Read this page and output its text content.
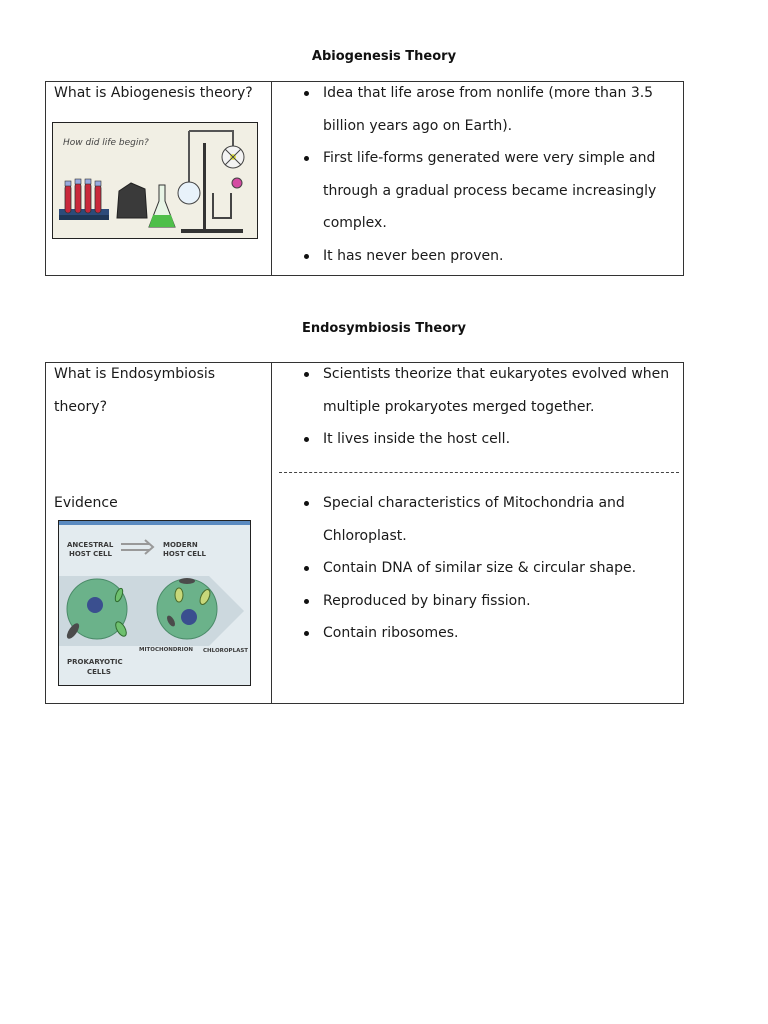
Abiogenesis Theory
What is Abiogenesis theory?
How did life begin?
Idea that life arose from nonlife (more than 3.5 billion years ago on Earth).
First life-forms generated were very simple and through a gradual process became increasingly complex.
It has never been proven.
Endosymbiosis Theory
What is Endosymbiosis theory?
Evidence
ANCESTRAL
HOST CELL
MODERN
HOST CELL
PROKARYOTIC
CELLS
MITOCHONDRION CHLOROPLAST
Scientists theorize that eukaryotes evolved when multiple prokaryotes merged together.
It lives inside the host cell.
Special characteristics of Mitochondria and Chloroplast.
Contain DNA of similar size & circular shape.
Reproduced by binary fission.
Contain ribosomes.
